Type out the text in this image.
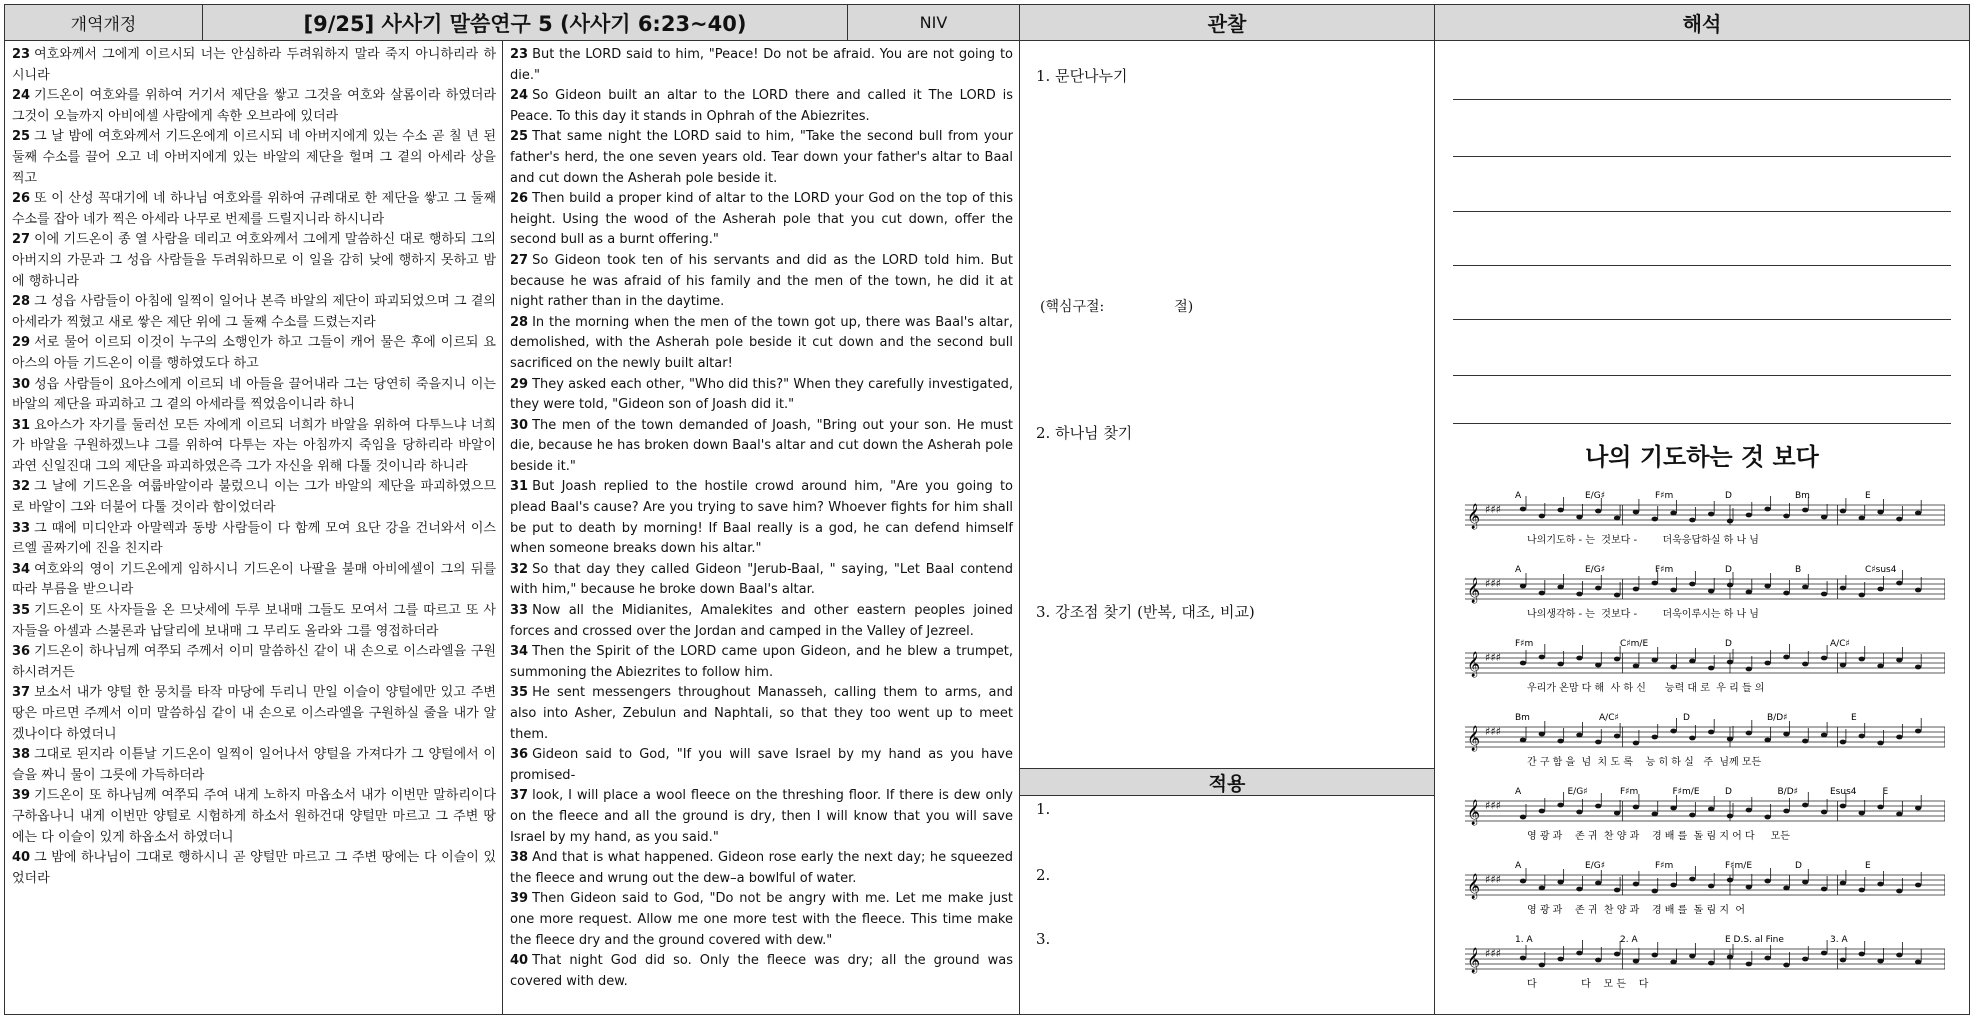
개역개정	[9/25] 사사기 말씀연구 5 (사사기 6:23~40)	NIV	관찰	해석
23 여호와께서 그에게 이르시되 너는 안심하라 두려워하지 말라 죽지 아니하리라 하시니라
24 기드온이 여호와를 위하여 거기서 제단을 쌓고 그것을 여호와 살롬이라 하였더라 그것이 오늘까지 아비에셀 사람에게 속한 오브라에 있더라
25 그 날 밤에 여호와께서 기드온에게 이르시되 네 아버지에게 있는 수소 곧 칠 년 된 둘째 수소를 끌어 오고 네 아버지에게 있는 바알의 제단을 헐며 그 곁의 아세라 상을 찍고
26 또 이 산성 꼭대기에 네 하나님 여호와를 위하여 규례대로 한 제단을 쌓고 그 둘째 수소를 잡아 네가 찍은 아세라 나무로 번제를 드릴지니라 하시니라
27 이에 기드온이 종 열 사람을 데리고 여호와께서 그에게 말씀하신 대로 행하되 그의 아버지의 가문과 그 성읍 사람들을 두려워하므로 이 일을 감히 낮에 행하지 못하고 밤에 행하니라
28 그 성읍 사람들이 아침에 일찍이 일어나 본즉 바알의 제단이 파괴되었으며 그 곁의 아세라가 찍혔고 새로 쌓은 제단 위에 그 둘째 수소를 드렸는지라
29 서로 물어 이르되 이것이 누구의 소행인가 하고 그들이 캐어 물은 후에 이르되 요아스의 아들 기드온이 이를 행하였도다 하고
30 성읍 사람들이 요아스에게 이르되 네 아들을 끌어내라 그는 당연히 죽을지니 이는 바알의 제단을 파괴하고 그 곁의 아세라를 찍었음이니라 하니
31 요아스가 자기를 둘러선 모든 자에게 이르되 너희가 바알을 위하여 다투느냐 너희가 바알을 구원하겠느냐 그를 위하여 다투는 자는 아침까지 죽임을 당하리라 바알이 과연 신일진대 그의 제단을 파괴하였은즉 그가 자신을 위해 다툴 것이니라 하니라
32 그 날에 기드온을 여룹바알이라 불렀으니 이는 그가 바알의 제단을 파괴하였으므로 바알이 그와 더불어 다툴 것이라 함이었더라
33 그 때에 미디안과 아말렉과 동방 사람들이 다 함께 모여 요단 강을 건너와서 이스르엘 골짜기에 진을 친지라
34 여호와의 영이 기드온에게 임하시니 기드온이 나팔을 불매 아비에셀이 그의 뒤를 따라 부름을 받으니라
35 기드온이 또 사자들을 온 므낫세에 두루 보내매 그들도 모여서 그를 따르고 또 사자들을 아셀과 스불론과 납달리에 보내매 그 무리도 올라와 그를 영접하더라
36 기드온이 하나님께 여쭈되 주께서 이미 말씀하신 같이 내 손으로 이스라엘을 구원하시려거든
37 보소서 내가 양털 한 뭉치를 타작 마당에 두리니 만일 이슬이 양털에만 있고 주변 땅은 마르면 주께서 이미 말씀하심 같이 내 손으로 이스라엘을 구원하실 줄을 내가 알겠나이다 하였더니
38 그대로 된지라 이튿날 기드온이 일찍이 일어나서 양털을 가져다가 그 양털에서 이슬을 짜니 물이 그릇에 가득하더라
39 기드온이 또 하나님께 여쭈되 주여 내게 노하지 마옵소서 내가 이번만 말하리이다 구하옵나니 내게 이번만 양털로 시험하게 하소서 원하건대 양털만 마르고 그 주변 땅에는 다 이슬이 있게 하옵소서 하였더니
40 그 밤에 하나님이 그대로 행하시니 곧 양털만 마르고 그 주변 땅에는 다 이슬이 있었더라
23 But the LORD said to him, "Peace! Do not be afraid. You are not going to die."
24 So Gideon built an altar to the LORD there and called it The LORD is Peace. To this day it stands in Ophrah of the Abiezrites.
25 That same night the LORD said to him, "Take the second bull from your father's herd, the one seven years old. Tear down your father's altar to Baal and cut down the Asherah pole beside it.
26 Then build a proper kind of altar to the LORD your God on the top of this height. Using the wood of the Asherah pole that you cut down, offer the second bull as a burnt offering."
27 So Gideon took ten of his servants and did as the LORD told him. But because he was afraid of his family and the men of the town, he did it at night rather than in the daytime.
28 In the morning when the men of the town got up, there was Baal's altar, demolished, with the Asherah pole beside it cut down and the second bull sacrificed on the newly built altar!
29 They asked each other, "Who did this?" When they carefully investigated, they were told, "Gideon son of Joash did it."
30 The men of the town demanded of Joash, "Bring out your son. He must die, because he has broken down Baal's altar and cut down the Asherah pole beside it."
31 But Joash replied to the hostile crowd around him, "Are you going to plead Baal's cause? Are you trying to save him? Whoever fights for him shall be put to death by morning! If Baal really is a god, he can defend himself when someone breaks down his altar."
32 So that day they called Gideon "Jerub-Baal, " saying, "Let Baal contend with him," because he broke down Baal's altar.
33 Now all the Midianites, Amalekites and other eastern peoples joined forces and crossed over the Jordan and camped in the Valley of Jezreel.
34 Then the Spirit of the LORD came upon Gideon, and he blew a trumpet, summoning the Abiezrites to follow him.
35 He sent messengers throughout Manasseh, calling them to arms, and also into Asher, Zebulun and Naphtali, so that they too went up to meet them.
36 Gideon said to God, "If you will save Israel by my hand as you have promised-
37 look, I will place a wool fleece on the threshing floor. If there is dew only on the fleece and all the ground is dry, then I will know that you will save Israel by my hand, as you said."
38 And that is what happened. Gideon rose early the next day; he squeezed the fleece and wrung out the dew–a bowlful of water.
39 Then Gideon said to God, "Do not be angry with me. Let me make just one more request. Allow me one more test with the fleece. This time make the fleece dry and the ground covered with dew."
40 That night God did so. Only the fleece was dry; all the ground was covered with dew.
1. 문단나누기
(핵심구절:	절)
2. 하나님 찾기
3. 강조점 찾기 (반복, 대조, 비교)
적용
1.
2.
3.
나의 기도하는 것 보다
𝄞 ♯♯♯
A	E/G♯	F♯m	D	Bm	E
나의기도하 - 는  것보다 -        더욱응답하실 하 나 님
𝄞 ♯♯♯
A	E/G♯	F♯m	D	B	C♯sus4
나의생각하 - 는  것보다 -        더욱이루시는 하 나 님
𝄞 ♯♯♯
F♯m	C♯m/E	D	A/C♯
우리가 온맘 다 해  사 하 신      능력 대 로  우 리 들 의
𝄞 ♯♯♯
Bm	A/C♯	D	B/D♯	E
간 구 함 을  넘  치 도 록    능 히 하 실   주  님께 모든
𝄞 ♯♯♯
A	E/G♯	F♯m	F♯m/E	D	B/D♯	Esus4	E
영 광 과    존 귀  찬 양 과    경 배 를  돌 림 지 어 다     모든
𝄞 ♯♯♯
A	E/G♯	F♯m	F♯m/E	D	E
영 광 과    존 귀  찬 양 과    경 배 를  돌 림 지  어
𝄞 ♯♯♯
1. A	2. A	E D.S. al Fine	3. A
다              다    모 든    다
